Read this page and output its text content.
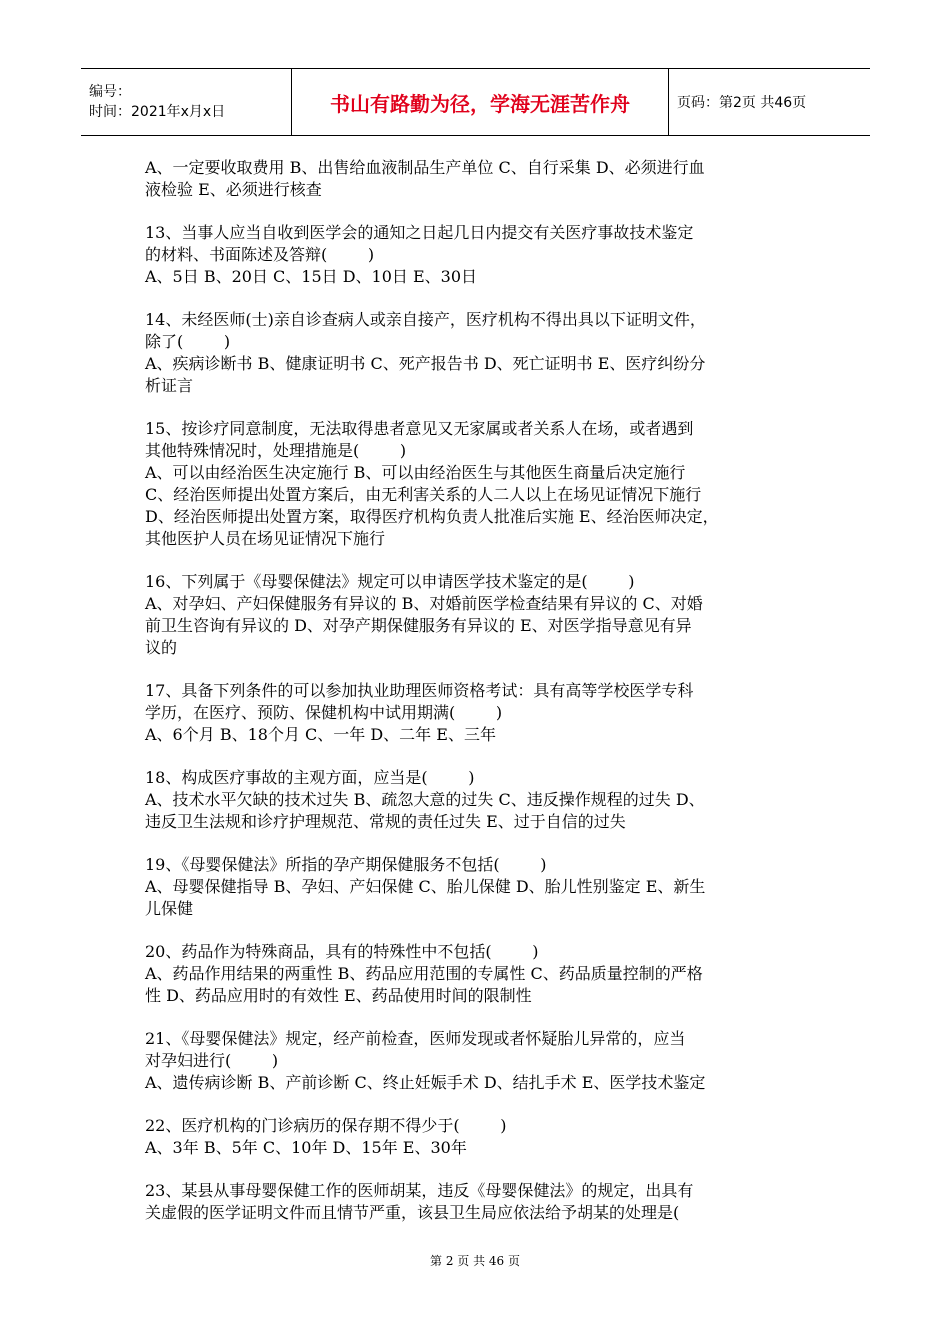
编号：
时间：2021年x月x日	书山有路勤为径，学海无涯苦作舟	页码：第2页 共46页
A、一定要收取费用 B、出售给血液制品生产单位 C、自行采集 D、必须进行血
液检验 E、必须进行核查
13、当事人应当自收到医学会的通知之日起几日内提交有关医疗事故技术鉴定
的材料、书面陈述及答辩(        )
A、5日 B、20日 C、15日 D、10日 E、30日
14、未经医师(士)亲自诊查病人或亲自接产，医疗机构不得出具以下证明文件，
除了(        )
A、疾病诊断书 B、健康证明书 C、死产报告书 D、死亡证明书 E、医疗纠纷分
析证言
15、按诊疗同意制度，无法取得患者意见又无家属或者关系人在场，或者遇到
其他特殊情况时，处理措施是(        )
A、可以由经治医生决定施行 B、可以由经治医生与其他医生商量后决定施行
C、经治医师提出处置方案后，由无利害关系的人二人以上在场见证情况下施行
D、经治医师提出处置方案，取得医疗机构负责人批准后实施 E、经治医师决定，
其他医护人员在场见证情况下施行
16、下列属于《母婴保健法》规定可以申请医学技术鉴定的是(        )
A、对孕妇、产妇保健服务有异议的 B、对婚前医学检查结果有异议的 C、对婚
前卫生咨询有异议的 D、对孕产期保健服务有异议的 E、对医学指导意见有异
议的
17、具备下列条件的可以参加执业助理医师资格考试：具有高等学校医学专科
学历，在医疗、预防、保健机构中试用期满(        )
A、6个月 B、18个月 C、一年 D、二年 E、三年
18、构成医疗事故的主观方面，应当是(        )
A、技术水平欠缺的技术过失 B、疏忽大意的过失 C、违反操作规程的过失 D、
违反卫生法规和诊疗护理规范、常规的责任过失 E、过于自信的过失
19、《母婴保健法》所指的孕产期保健服务不包括(        )
A、母婴保健指导 B、孕妇、产妇保健 C、胎儿保健 D、胎儿性别鉴定 E、新生
儿保健
20、药品作为特殊商品，具有的特殊性中不包括(        )
A、药品作用结果的两重性 B、药品应用范围的专属性 C、药品质量控制的严格
性 D、药品应用时的有效性 E、药品使用时间的限制性
21、《母婴保健法》规定，经产前检查，医师发现或者怀疑胎儿异常的，应当
对孕妇进行(        )
A、遗传病诊断 B、产前诊断 C、终止妊娠手术 D、结扎手术 E、医学技术鉴定
22、医疗机构的门诊病历的保存期不得少于(        )
A、3年 B、5年 C、10年 D、15年 E、30年
23、某县从事母婴保健工作的医师胡某，违反《母婴保健法》的规定，出具有
关虚假的医学证明文件而且情节严重，该县卫生局应依法给予胡某的处理是(
第 2 页 共 46 页
